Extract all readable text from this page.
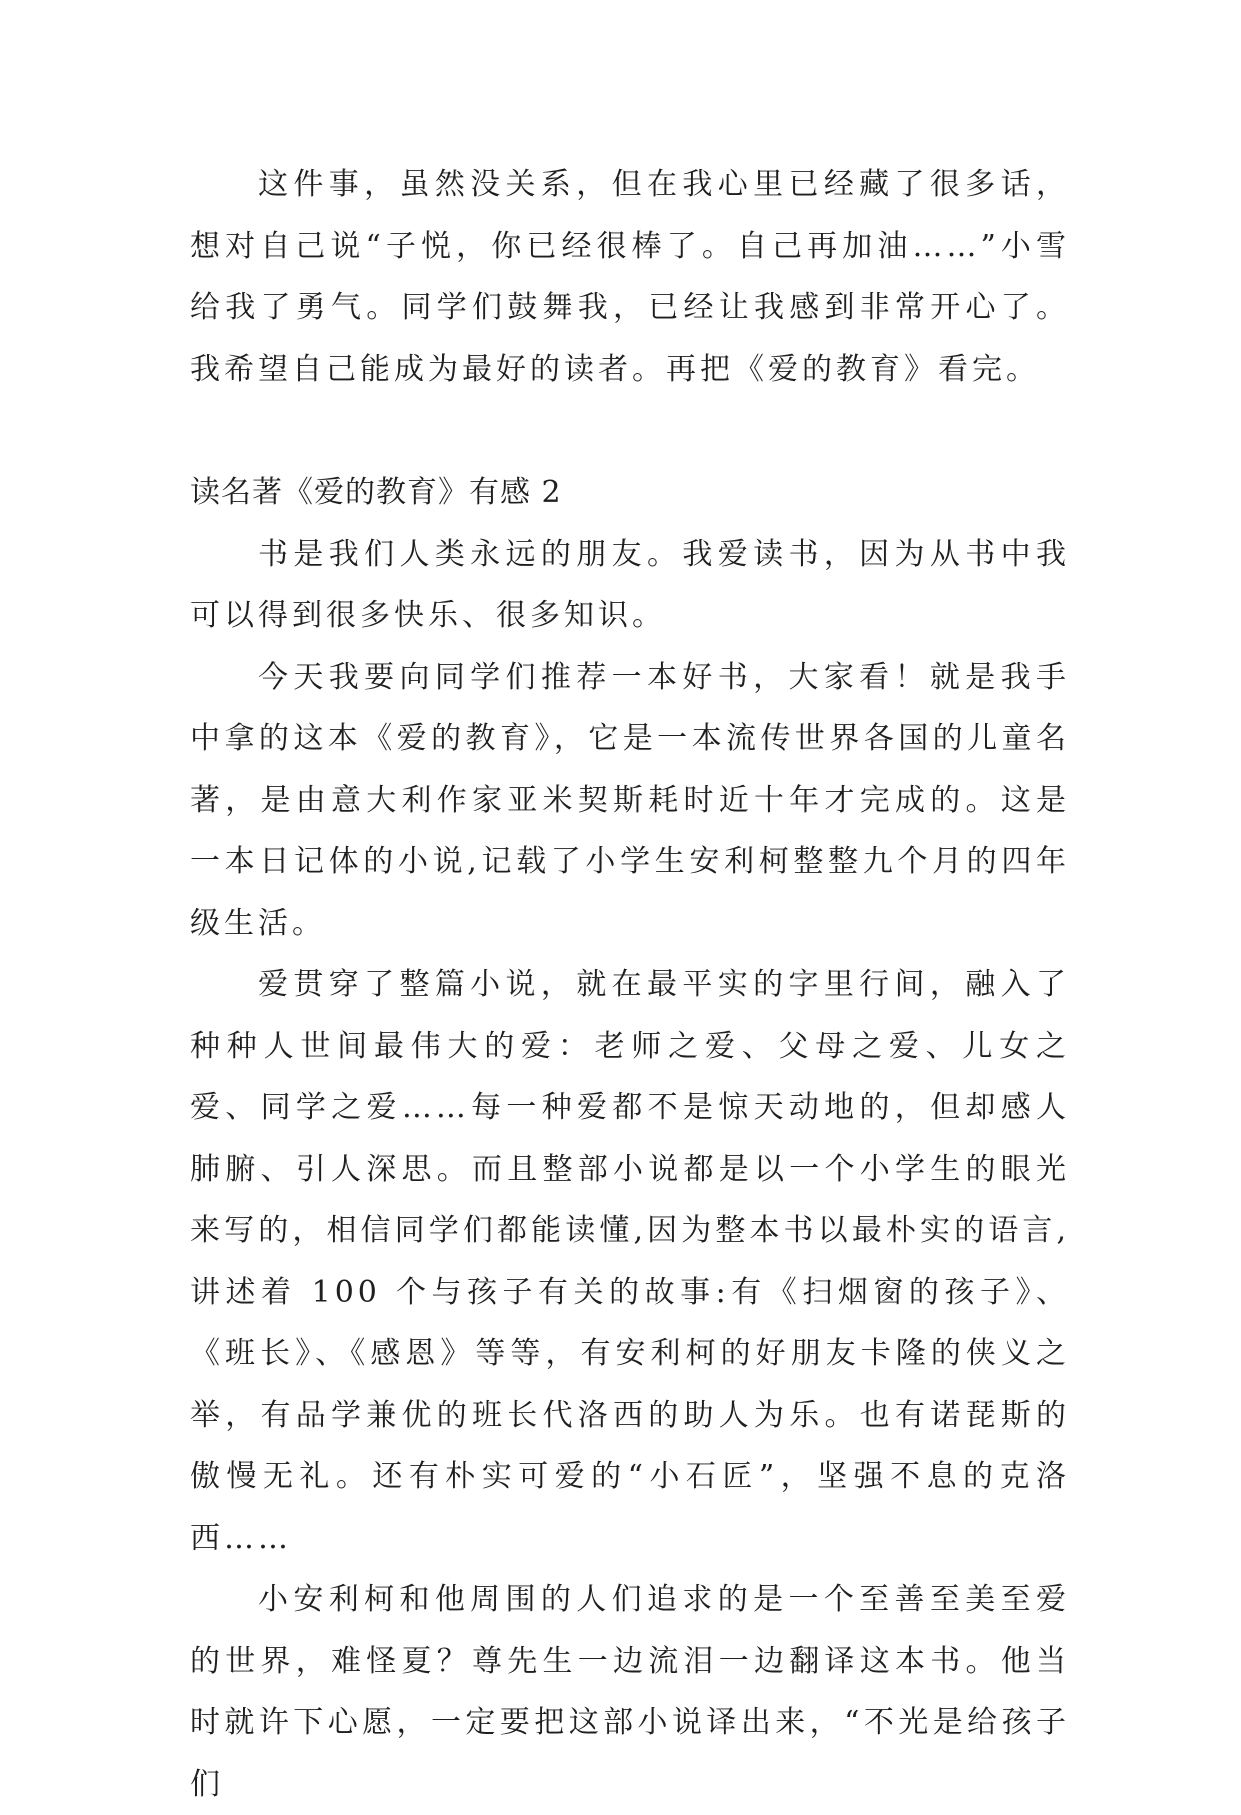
这件事，虽然没关系，但在我心里已经藏了很多话，想对自己说“子悦，你已经很棒了。自己再加油……”小雪给我了勇气。同学们鼓舞我，已经让我感到非常开心了。我希望自己能成为最好的读者。再把《爱的教育》看完。

读名著《爱的教育》有感 2

书是我们人类永远的朋友。我爱读书，因为从书中我可以得到很多快乐、很多知识。

今天我要向同学们推荐一本好书，大家看！就是我手中拿的这本《爱的教育》，它是一本流传世界各国的儿童名著，是由意大利作家亚米契斯耗时近十年才完成的。这是一本日记体的小说,记载了小学生安利柯整整九个月的四年级生活。

爱贯穿了整篇小说，就在最平实的字里行间，融入了种种人世间最伟大的爱：老师之爱、父母之爱、儿女之爱、同学之爱……每一种爱都不是惊天动地的，但却感人肺腑、引人深思。而且整部小说都是以一个小学生的眼光来写的，相信同学们都能读懂,因为整本书以最朴实的语言,讲述着 100 个与孩子有关的故事:有《扫烟窗的孩子》、《班长》、《感恩》等等，有安利柯的好朋友卡隆的侠义之举，有品学兼优的班长代洛西的助人为乐。也有诺琵斯的傲慢无礼。还有朴实可爱的“小石匠”，坚强不息的克洛西……

小安利柯和他周围的人们追求的是一个至善至美至爱的世界，难怪夏？尊先生一边流泪一边翻译这本书。他当时就许下心愿，一定要把这部小说译出来，“不光是给孩子们
